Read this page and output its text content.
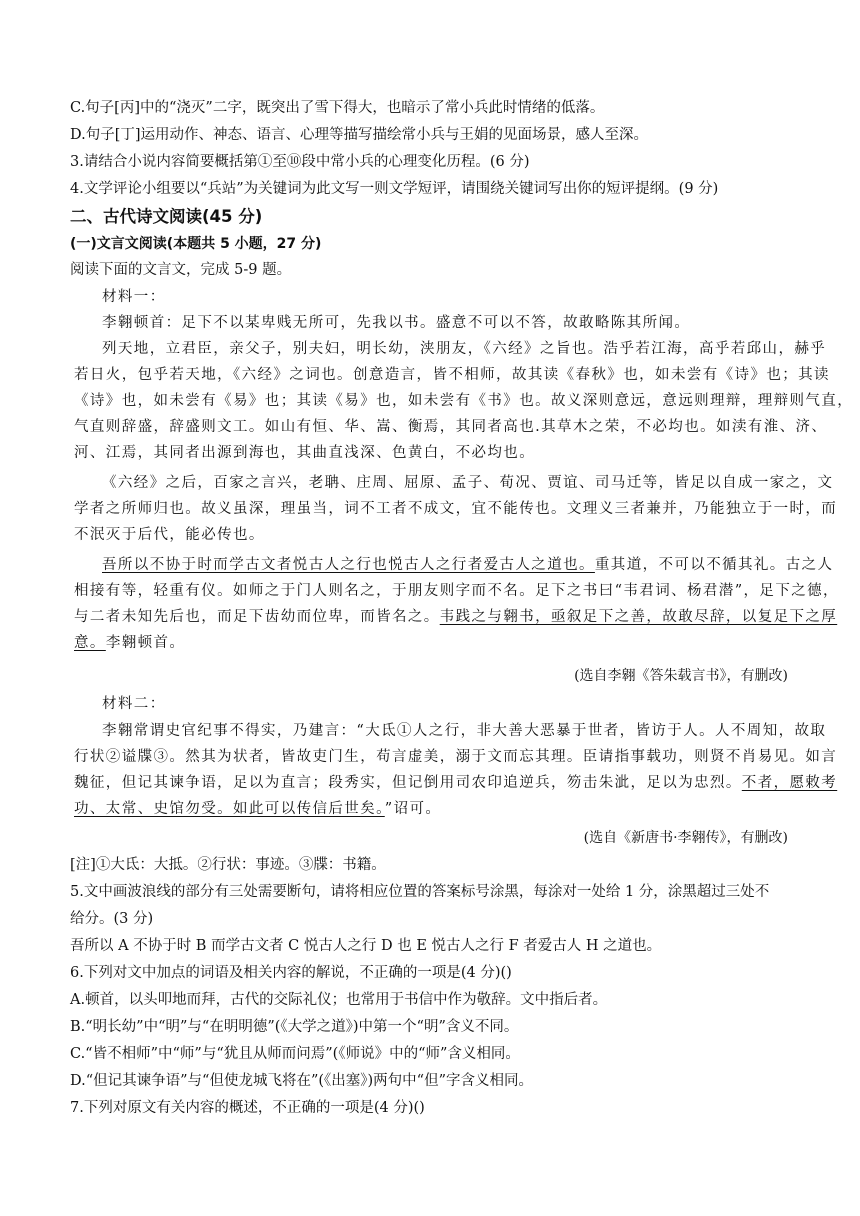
C.句子[丙]中的“浇灭”二字，既突出了雪下得大，也暗示了常小兵此时情绪的低落。
D.句子[丁]运用动作、神态、语言、心理等描写描绘常小兵与王娟的见面场景，感人至深。
3.请结合小说内容简要概括第①至⑩段中常小兵的心理变化历程。(6 分)
4.文学评论小组要以“兵站”为关键词为此文写一则文学短评，请围绕关键词写出你的短评提纲。(9 分)
二、古代诗文阅读(45 分)
(一)文言文阅读(本题共 5 小题，27 分)
阅读下面的文言文，完成 5-9 题。
材料一：
李翱顿首：足下不以某卑贱无所可，先我以书。盛意不可以不答，故敢略陈其所闻。
列天地，立君臣，亲父子，别夫妇，明长幼，浃朋友，《六经》之旨也。浩乎若江海，高乎若邱山，赫乎
若日火，包乎若天地，《六经》之词也。创意造言，皆不相师，故其读《春秋》也，如未尝有《诗》也；其读
《诗》也，如未尝有《易》也；其读《易》也，如未尝有《书》也。故义深则意远，意远则理辩，理辩则气直，
气直则辞盛，辞盛则文工。如山有恒、华、嵩、衡焉，其同者高也.其草木之荣，不必均也。如渎有淮、济、
河、江焉，其同者出源到海也，其曲直浅深、色黄白，不必均也。
《六经》之后，百家之言兴，老聃、庄周、屈原、孟子、荀况、贾谊、司马迁等，皆足以自成一家之，文
学者之所师归也。故义虽深，理虽当，词不工者不成文，宜不能传也。文理义三者兼并，乃能独立于一时，而
不泯灭于后代，能必传也。
吾所以不协于时而学古文者悦古人之行也悦古人之行者爱古人之道也。重其道，不可以不循其礼。古之人
相接有等，轻重有仪。如师之于门人则名之，于朋友则字而不名。足下之书曰“韦君词、杨君潜”，足下之德，
与二者未知先后也，而足下齿幼而位卑，而皆名之。韦践之与翱书，亟叙足下之善，故敢尽辞，以复足下之厚
意。李翱顿首。
(选自李翱《答朱载言书》，有删改)
材料二：
李翱常谓史官纪事不得实，乃建言：“大氐①人之行，非大善大恶暴于世者，皆访于人。人不周知，故取
行状②谥牒③。然其为状者，皆故吏门生，苟言虚美，溺于文而忘其理。臣请指事载功，则贤不肖易见。如言
魏征，但记其谏争语，足以为直言；段秀实，但记倒用司农印追逆兵，笏击朱泚，足以为忠烈。不者，愿敕考
功、太常、史馆勿受。如此可以传信后世矣。”诏可。
(选自《新唐书·李翱传》，有删改)
[注]①大氐：大抵。②行状：事迹。③牒：书籍。
5.文中画波浪线的部分有三处需要断句，请将相应位置的答案标号涂黑，每涂对一处给 1 分，涂黑超过三处不
给分。(3 分)
吾所以 A 不协于时 B 而学古文者 C 悦古人之行 D 也 E 悦古人之行 F 者爱古人 H 之道也。
6.下列对文中加点的词语及相关内容的解说，不正确的一项是(4 分)()
A.顿首，以头叩地而拜，古代的交际礼仪；也常用于书信中作为敬辞。文中指后者。
B.“明长幼”中“明”与“在明明德”(《大学之道》)中第一个“明”含义不同。
C.“皆不相师”中“师”与“犹且从师而问焉”(《师说》中的“师”含义相同。
D.“但记其谏争语”与“但使龙城飞将在”(《出塞》)两句中“但”字含义相同。
7.下列对原文有关内容的概述，不正确的一项是(4 分)()
